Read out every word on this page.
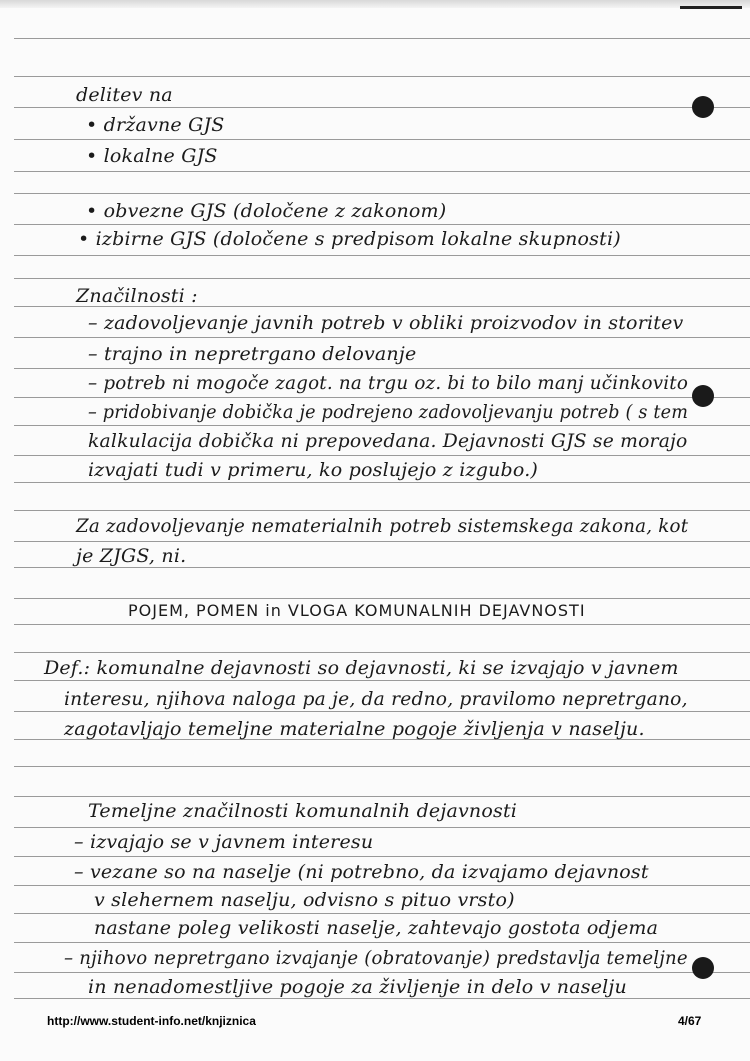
delitev na
• državne GJS
• lokalne GJS
• obvezne GJS (določene z zakonom)
• izbirne GJS (določene s predpisom lokalne skupnosti)
Značilnosti :
– zadovoljevanje javnih potreb v obliki proizvodov in storitev
– trajno in nepretrgano delovanje
– potreb ni mogoče zagot. na trgu oz. bi to bilo manj učinkovito
– pridobivanje dobička je podrejeno zadovoljevanju potreb ( s tem
kalkulacija dobička ni prepovedana. Dejavnosti GJS se morajo
izvajati tudi v primeru, ko poslujejo z izgubo.)
Za zadovoljevanje nematerialnih potreb sistemskega zakona, kot
je ZJGS, ni.
POJEM, POMEN in VLOGA KOMUNALNIH DEJAVNOSTI
Def.: komunalne dejavnosti so dejavnosti, ki se izvajajo v javnem
interesu, njihova naloga pa je, da redno, pravilomo nepretrgano,
zagotavljajo temeljne materialne pogoje življenja v naselju.
Temeljne značilnosti komunalnih dejavnosti
– izvajajo se v javnem interesu
– vezane so na naselje (ni potrebno, da izvajamo dejavnost
v slehernem naselju, odvisno s pituo vrsto)
nastane poleg velikosti naselje, zahtevajo gostota odjema
– njihovo nepretrgano izvajanje (obratovanje) predstavlja temeljne
in nenadomestljive pogoje za življenje in delo v naselju
http://www.student-info.net/knjiznica	4/67
